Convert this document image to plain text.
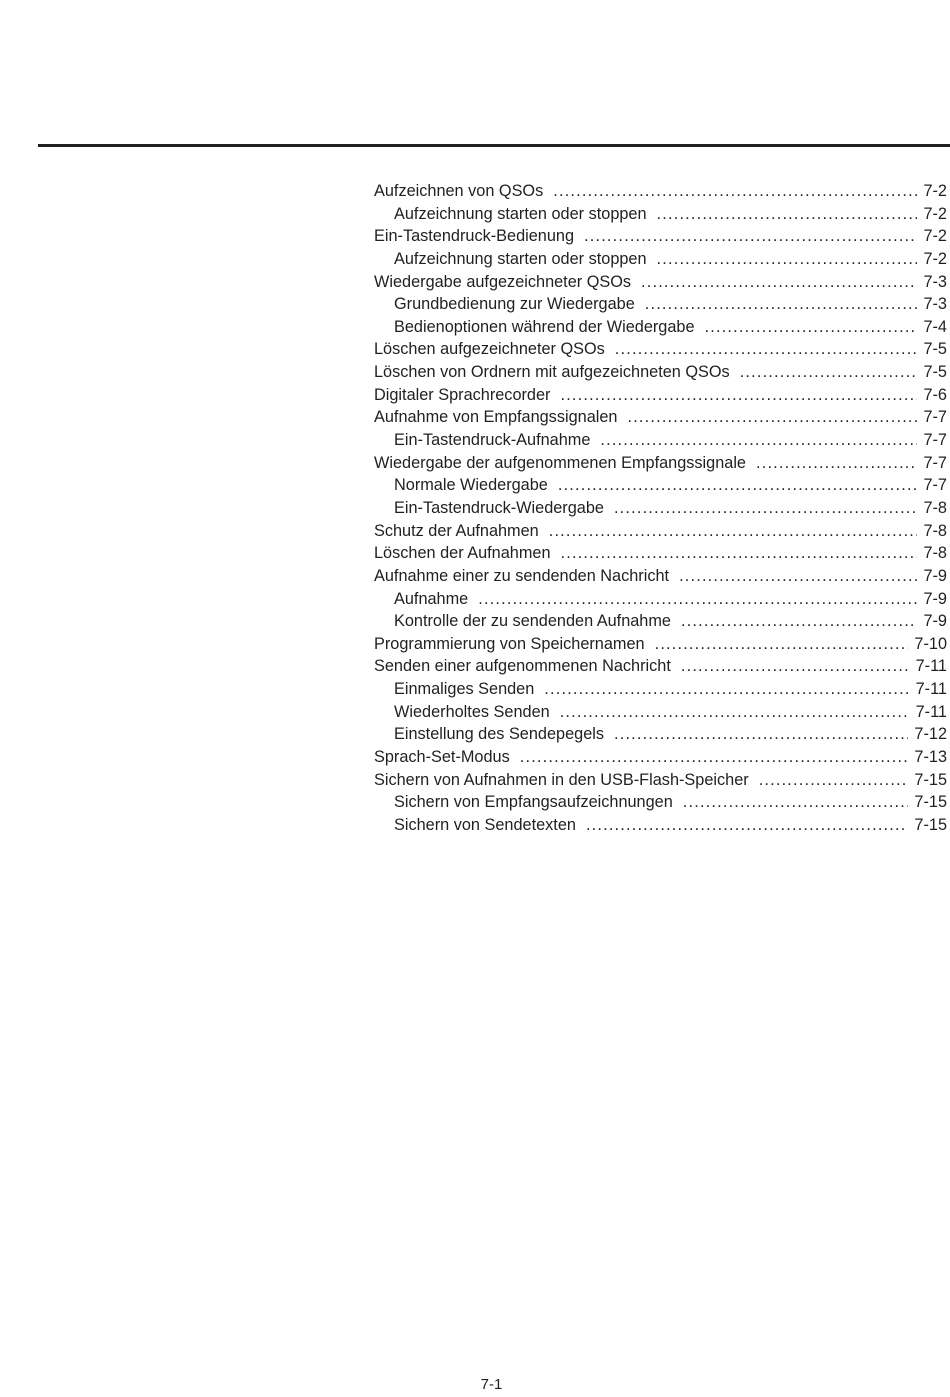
Aufzeichnen von QSOs .....	7-2
Aufzeichnung starten oder stoppen .....	7-2
Ein-Tastendruck-Bedienung .....	7-2
Aufzeichnung starten oder stoppen .....	7-2
Wiedergabe aufgezeichneter QSOs .....	7-3
Grundbedienung zur Wiedergabe .....	7-3
Bedienoptionen während der Wiedergabe .....	7-4
Löschen aufgezeichneter QSOs .....	7-5
Löschen von Ordnern mit aufgezeichneten QSOs .....	7-5
Digitaler Sprachrecorder .....	7-6
Aufnahme von Empfangssignalen .....	7-7
Ein-Tastendruck-Aufnahme .....	7-7
Wiedergabe der aufgenommenen Empfangssignale .....	7-7
Normale Wiedergabe .....	7-7
Ein-Tastendruck-Wiedergabe .....	7-8
Schutz der Aufnahmen .....	7-8
Löschen der Aufnahmen .....	7-8
Aufnahme einer zu sendenden Nachricht .....	7-9
Aufnahme .....	7-9
Kontrolle der zu sendenden Aufnahme .....	7-9
Programmierung von Speichernamen .....	7-10
Senden einer aufgenommenen Nachricht .....	7-11
Einmaliges Senden .....	7-11
Wiederholtes Senden .....	7-11
Einstellung des Sendepegels .....	7-12
Sprach-Set-Modus .....	7-13
Sichern von Aufnahmen in den USB-Flash-Speicher .....	7-15
Sichern von Empfangsaufzeichnungen .....	7-15
Sichern von Sendetexten .....	7-15
7-1
